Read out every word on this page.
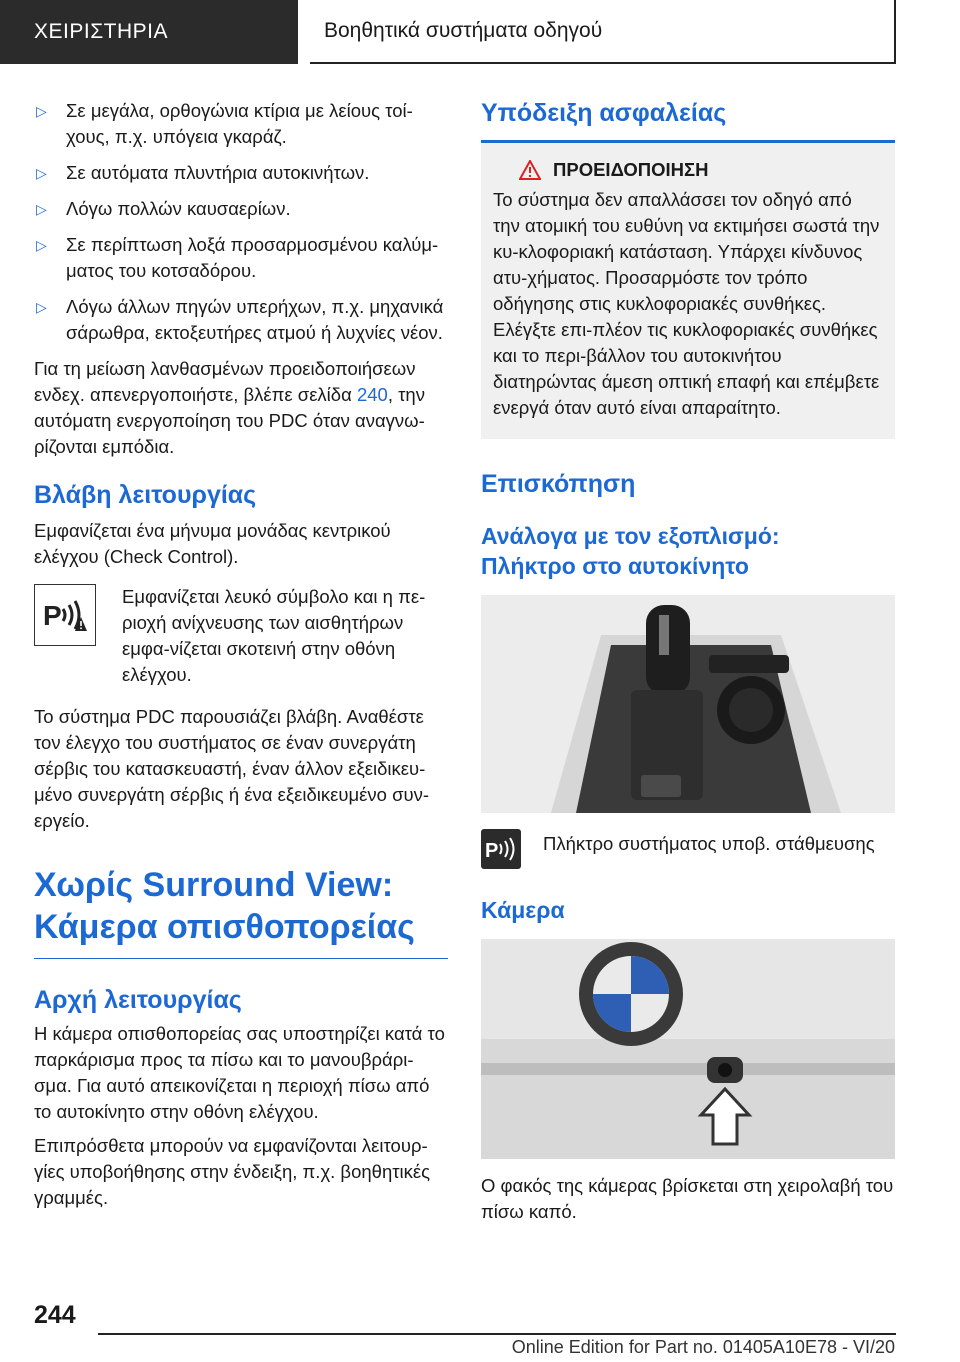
ΧΕΙΡΙΣΤΗΡΙΑ	Βοηθητικά συστήματα οδηγού
▷	Σε μεγάλα, ορθογώνια κτίρια με λείους τοί-χους, π.χ. υπόγεια γκαράζ.
▷	Σε αυτόματα πλυντήρια αυτοκινήτων.
▷	Λόγω πολλών καυσαερίων.
▷	Σε περίπτωση λοξά προσαρμοσμένου καλύμ-ματος του κοτσαδόρου.
▷	Λόγω άλλων πηγών υπερήχων, π.χ. μηχανικά σάρωθρα, εκτοξευτήρες ατμού ή λυχνίες νέον.

Για τη μείωση λανθασμένων προειδοποιήσεων ενδεχ. απενεργοποιήστε, βλέπε σελίδα 240, την αυτόματη ενεργοποίηση του PDC όταν αναγνω-ρίζονται εμπόδια.

Βλάβη λειτουργίας

Εμφανίζεται ένα μήνυμα μονάδας κεντρικού ελέγχου (Check Control).

P

Εμφανίζεται λευκό σύμβολο και η πε-ριοχή ανίχνευσης των αισθητήρων εμφα-νίζεται σκοτεινή στην οθόνη ελέγχου.

Το σύστημα PDC παρουσιάζει βλάβη. Αναθέστε τον έλεγχο του συστήματος σε έναν συνεργάτη σέρβις του κατασκευαστή, έναν άλλον εξειδικευ-μένο συνεργάτη σέρβις ή ένα εξειδικευμένο συν-εργείο.

Χωρίς Surround View:
Κάμερα οπισθοπορείας
Αρχή λειτουργίας

Η κάμερα οπισθοπορείας σας υποστηρίζει κατά το παρκάρισμα προς τα πίσω και το μανουβράρι-σμα. Για αυτό απεικονίζεται η περιοχή πίσω από το αυτοκίνητο στην οθόνη ελέγχου.

Επιπρόσθετα μπορούν να εμφανίζονται λειτουρ-γίες υποβοήθησης στην ένδειξη, π.χ. βοηθητικές γραμμές.

Υπόδειξη ασφαλείας
ΠΡΟΕΙΔΟΠΟΙΗΣΗ

Το σύστημα δεν απαλλάσσει τον οδηγό από την ατομική του ευθύνη να εκτιμήσει σωστά την κυ-κλοφοριακή κατάσταση. Υπάρχει κίνδυνος ατυ-χήματος. Προσαρμόστε τον τρόπο οδήγησης στις κυκλοφοριακές συνθήκες. Ελέγξτε επι-πλέον τις κυκλοφοριακές συνθήκες και το περι-βάλλον του αυτοκινήτου διατηρώντας άμεση οπτική επαφή και επέμβετε ενεργά όταν αυτό είναι απαραίτητο.

Επισκόπηση
Ανάλογα με τον εξοπλισμό:
Πλήκτρο στο αυτοκίνητο
P Πλήκτρο συστήματος υποβ. στάθμευσης

Κάμερα

Ο φακός της κάμερας βρίσκεται στη χειρολαβή του πίσω καπό.

244
Online Edition for Part no. 01405A10E78 - VI/20
